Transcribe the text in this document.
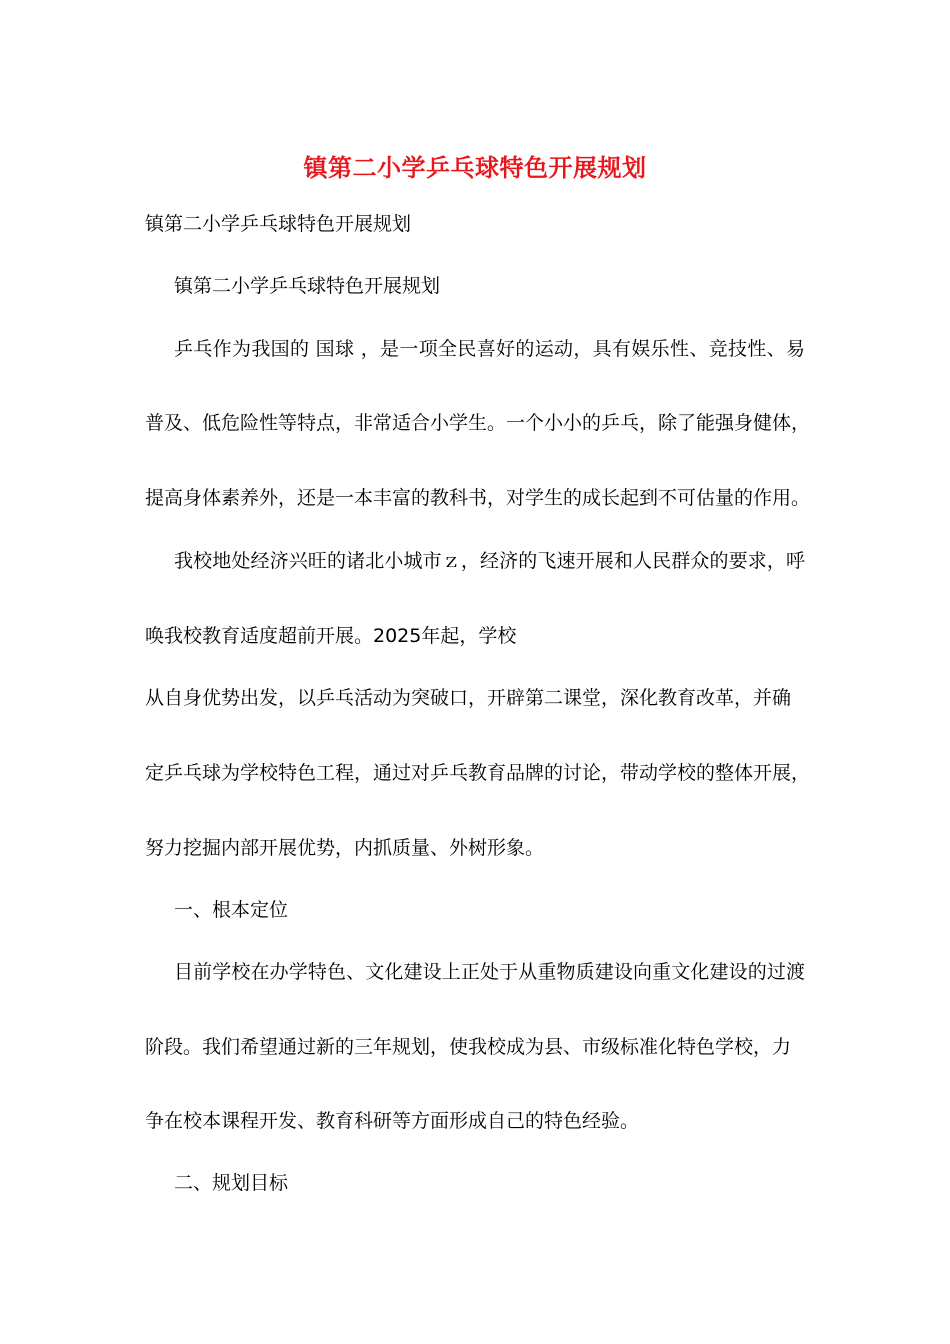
镇第二小学乒乓球特色开展规划
镇第二小学乒乓球特色开展规划
镇第二小学乒乓球特色开展规划
乒乓作为我国的 国球 ，是一项全民喜好的运动，具有娱乐性、竞技性、易
普及、低危险性等特点，非常适合小学生。一个小小的乒乓，除了能强身健体，
提高身体素养外，还是一本丰富的教科书，对学生的成长起到不可估量的作用。
我校地处经济兴旺的诸北小城市ｚ，经济的飞速开展和人民群众的要求，呼
唤我校教育适度超前开展。2025年起，学校
从自身优势出发，以乒乓活动为突破口，开辟第二课堂，深化教育改革，并确
定乒乓球为学校特色工程，通过对乒乓教育品牌的讨论，带动学校的整体开展，
努力挖掘内部开展优势，内抓质量、外树形象。
一、根本定位
目前学校在办学特色、文化建设上正处于从重物质建设向重文化建设的过渡
阶段。我们希望通过新的三年规划，使我校成为县、市级标准化特色学校，力
争在校本课程开发、教育科研等方面形成自己的特色经验。
二、规划目标
